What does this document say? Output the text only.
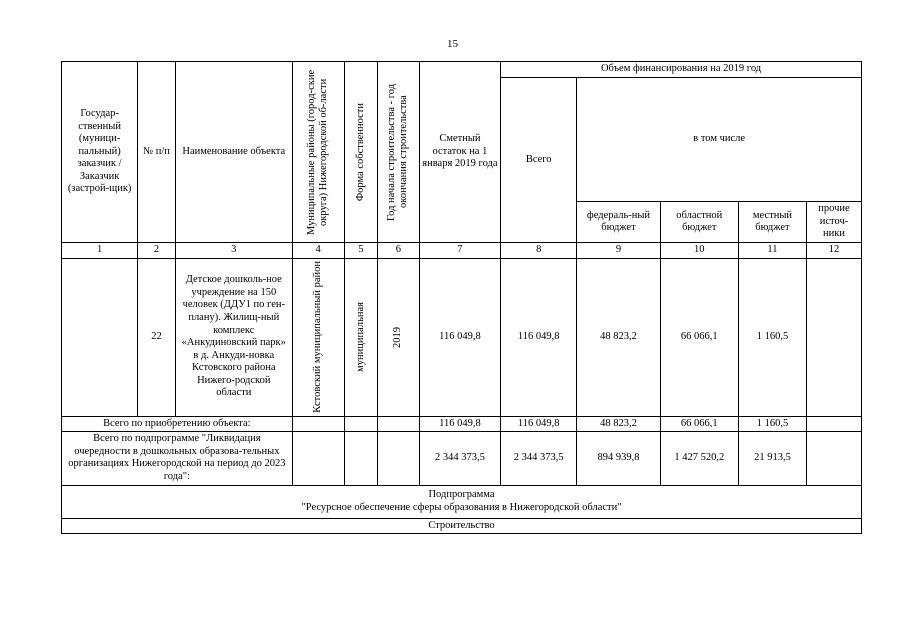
15
Государ-ственный (муници-пальный) заказчик / Заказчик (застрой-щик)	№ п/п	Наименование объекта	Муниципальные районы (город-ские округа) Нижегородской об-ласти	Форма собственности	Год начала строительства - год окончания строительства	Сметный остаток на 1 января 2019 года	Объем финансирования на 2019 год				
							Всего	в том числе			
								федераль-ный бюджет	областной бюджет	местный бюджет	прочие источ-ники
1	2	3	4	5	6	7	8	9	10	11	12
	22	Детское дошколь-ное учреждение на 150 человек (ДДУ1 по ген-плану). Жилищ-ный комплекс «Анкудиновский парк» в д. Анкуди-новка Кстовского района Нижего-родской области	Кстовский муниципальный район	муниципальная	2019	116 049,8	116 049,8	48 823,2	66 066,1	1 160,5	
Всего по приобретению объекта:						116 049,8	116 049,8	48 823,2	66 066,1	1 160,5	
Всего по подпрограмме "Ликвидация очередности в дошкольных образова-тельных организациях Нижегородской на период до 2023 года":						2 344 373,5	2 344 373,5	894 939,8	1 427 520,2	21 913,5	

Подпрограмма
"Ресурсное обеспечение сферы образования в Нижегородской области"											

Строительство											
